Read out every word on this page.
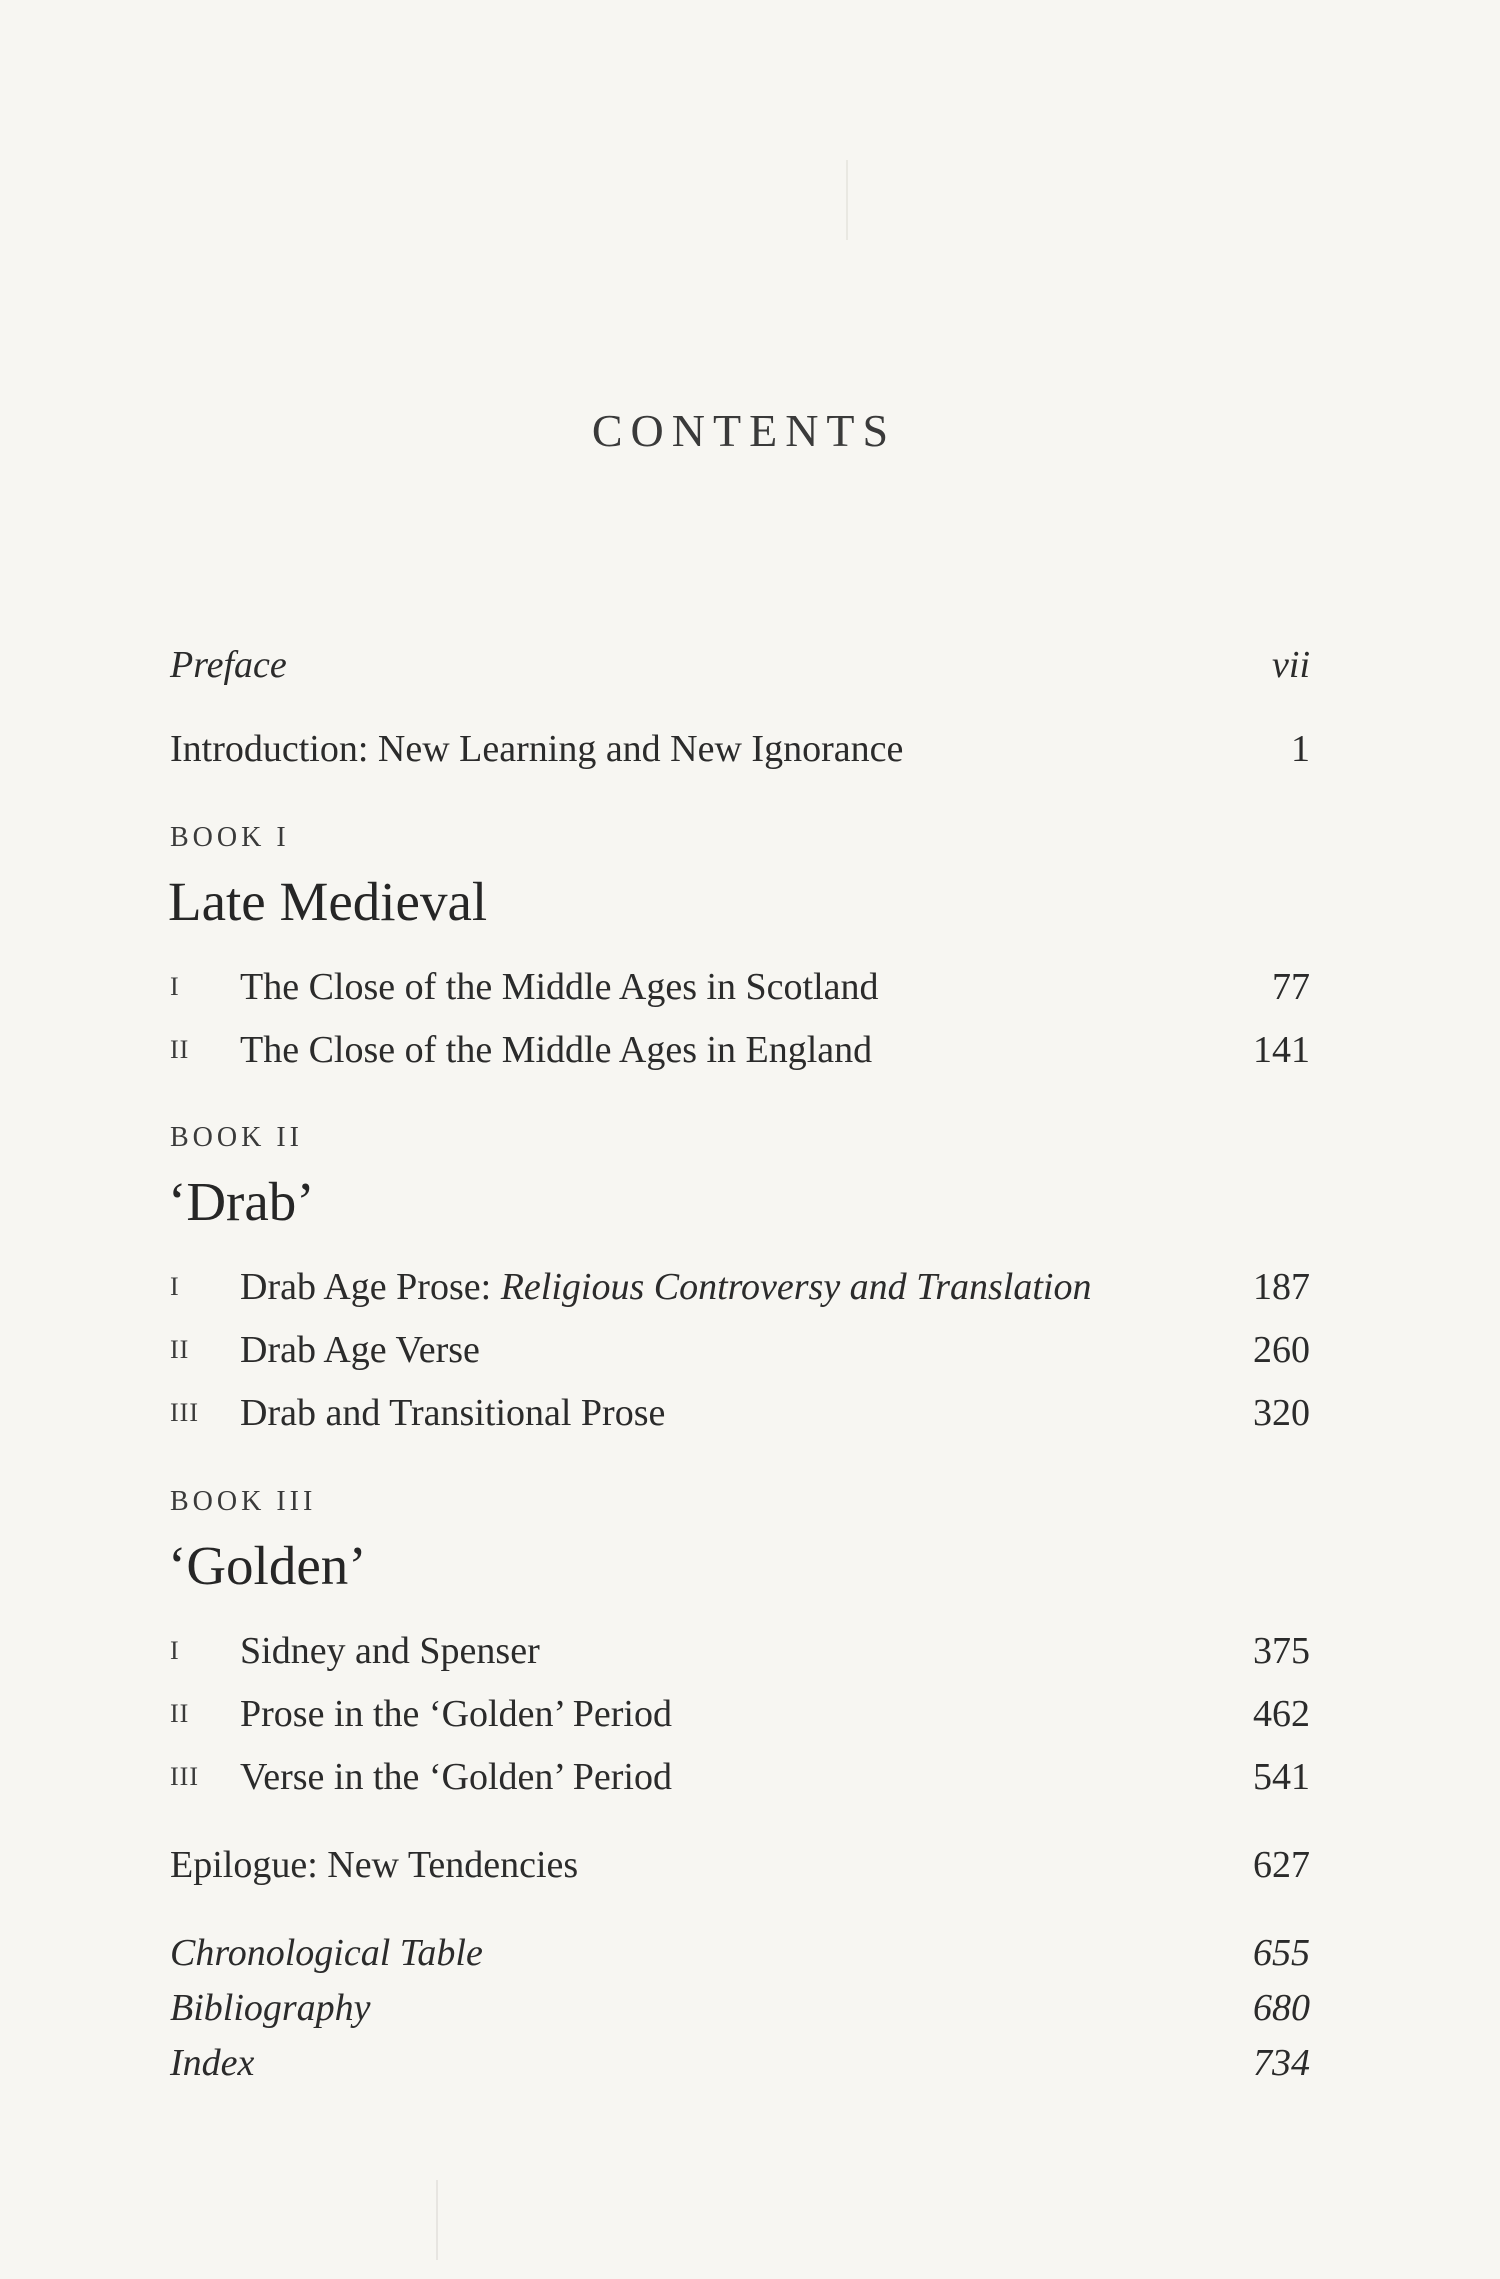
CONTENTS
Preface	vii
Introduction: New Learning and New Ignorance	1
BOOK I
Late Medieval
I The Close of the Middle Ages in Scotland	77
II The Close of the Middle Ages in England	141
BOOK II
‘Drab’
I Drab Age Prose: Religious Controversy and Translation	187
II Drab Age Verse	260
III Drab and Transitional Prose	320
BOOK III
‘Golden’
I Sidney and Spenser	375
II Prose in the ‘Golden’ Period	462
III Verse in the ‘Golden’ Period	541
Epilogue: New Tendencies	627
Chronological Table	655
Bibliography	680
Index	734
